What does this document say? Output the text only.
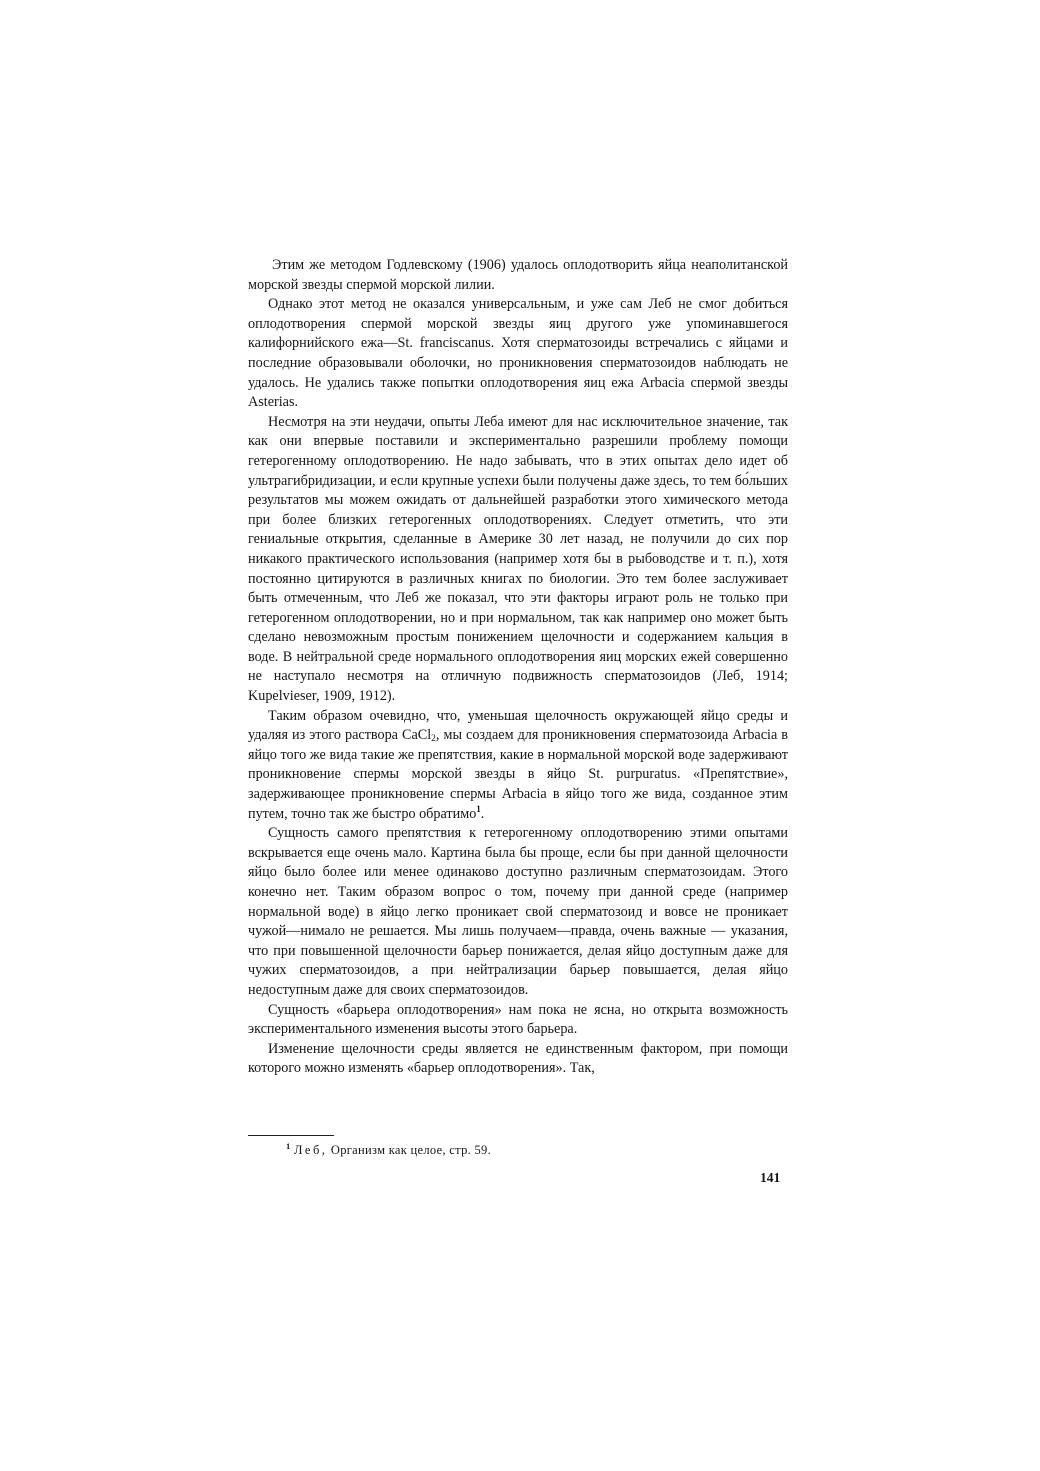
Этим же методом Годлевскому (1906) удалось оплодотворить яйца неаполитанской морской звезды спермой морской лилии.

Однако этот метод не оказался универсальным, и уже сам Леб не смог добиться оплодотворения спермой морской звезды яиц другого уже упоминавшегося калифорнийского ежа—St. franciscanus. Хотя сперматозоиды встречались с яйцами и последние образовывали оболочки, но проникновения сперматозоидов наблюдать не удалось. Не удались также попытки оплодотворения яиц ежа Arbacia спермой звезды Asterias.

Несмотря на эти неудачи, опыты Леба имеют для нас исключительное значение, так как они впервые поставили и экспериментально разрешили проблему помощи гетерогенному оплодотворению. Не надо забывать, что в этих опытах дело идет об ультрагибридизации, и если крупные успехи были получены даже здесь, то тем бо́льших результатов мы можем ожидать от дальнейшей разработки этого химического метода при более близких гетерогенных оплодотворениях. Следует отметить, что эти гениальные открытия, сделанные в Америке 30 лет назад, не получили до сих пор никакого практического использования (например хотя бы в рыбоводстве и т. п.), хотя постоянно цитируются в различных книгах по биологии. Это тем более заслуживает быть отмеченным, что Леб же показал, что эти факторы играют роль не только при гетерогенном оплодотворении, но и при нормальном, так как например оно может быть сделано невозможным простым понижением щелочности и содержанием кальция в воде. В нейтральной среде нормального оплодотворения яиц морских ежей совершенно не наступало несмотря на отличную подвижность сперматозоидов (Леб, 1914; Kupelvieser, 1909, 1912).

Таким образом очевидно, что, уменьшая щелочность окружающей яйцо среды и удаляя из этого раствора CaCl$_2$, мы создаем для проникновения сперматозоида Arbacia в яйцо того же вида такие же препятствия, какие в нормальной морской воде задерживают проникновение спермы морской звезды в яйцо St. purpuratus. «Препятствие», задерживающее проникновение спермы Arbacia в яйцо того же вида, созданное этим путем, точно так же быстро обратимо$^1$.

Сущность самого препятствия к гетерогенному оплодотворению этими опытами вскрывается еще очень мало. Картина была бы проще, если бы при данной щелочности яйцо было более или менее одинаково доступно различным сперматозоидам. Этого конечно нет. Таким образом вопрос о том, почему при данной среде (например нормальной воде) в яйцо легко проникает свой сперматозоид и вовсе не проникает чужой—нимало не решается. Мы лишь получаем—правда, очень важные — указания, что при повышенной щелочности барьер понижается, делая яйцо доступным даже для чужих сперматозоидов, а при нейтрализации барьер повышается, делая яйцо недоступным даже для своих сперматозоидов.

Сущность «барьера оплодотворения» нам пока не ясна, но открыта возможность экспериментального изменения высоты этого барьера.

Изменение щелочности среды является не единственным фактором, при помощи которого можно изменять «барьер оплодотворения». Так,

$^1$ Леб, Организм как целое, стр. 59.
141
